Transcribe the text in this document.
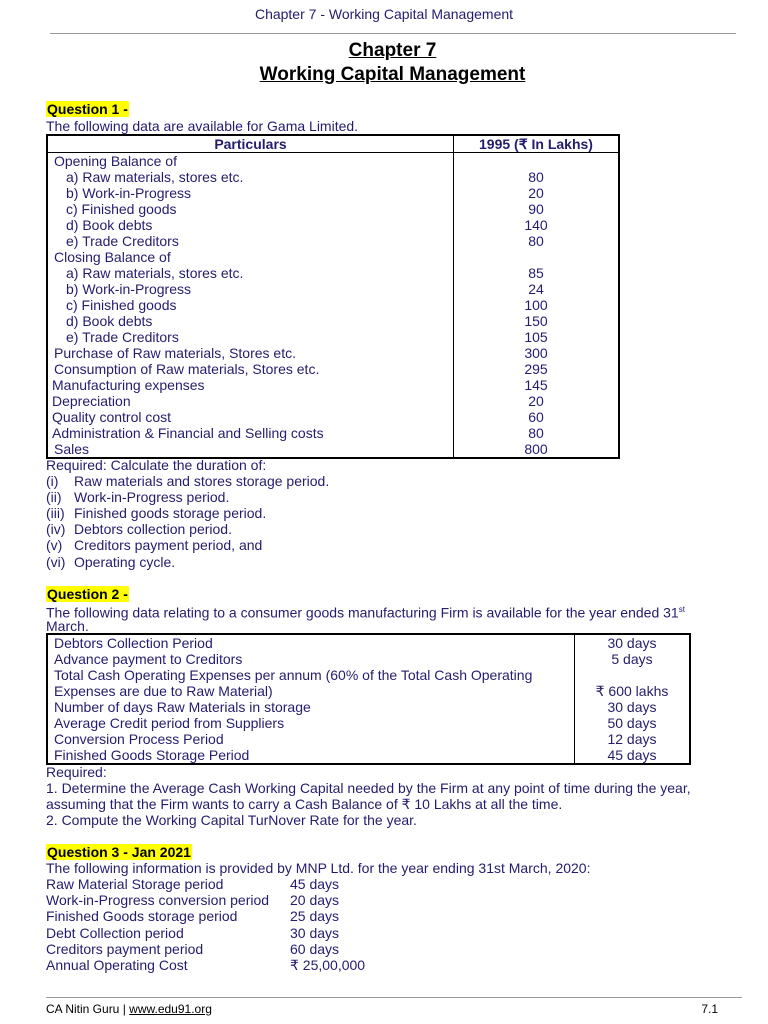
Chapter 7 - Working Capital Management
Chapter 7
Working Capital Management
Question 1 -
The following data are available for Gama Limited.
Particulars	1995 (₹ In Lakhs)
Opening Balance of	
a) Raw materials, stores etc.	80
b) Work-in-Progress	20
c) Finished goods	90
d) Book debts	140
e) Trade Creditors	80
Closing Balance of	
a) Raw materials, stores etc.	85
b) Work-in-Progress	24
c) Finished goods	100
d) Book debts	150
e) Trade Creditors	105
Purchase of Raw materials, Stores etc.	300
Consumption of Raw materials, Stores etc.	295
Manufacturing expenses	145
Depreciation	20
Quality control cost	60
Administration & Financial and Selling costs	80
Sales	800
Required: Calculate the duration of:
(i) Raw materials and stores storage period.
(ii) Work-in-Progress period.
(iii) Finished goods storage period.
(iv) Debtors collection period.
(v) Creditors payment period, and
(vi) Operating cycle.
Question 2 -
The following data relating to a consumer goods manufacturing Firm is available for the year ended 31st
March.
Debtors Collection Period	30 days
Advance payment to Creditors	5 days
Total Cash Operating Expenses per annum (60% of the Total Cash Operating	
Expenses are due to Raw Material)	₹ 600 lakhs
Number of days Raw Materials in storage	30 days
Average Credit period from Suppliers	50 days
Conversion Process Period	12 days
Finished Goods Storage Period	45 days
Required:
1. Determine the Average Cash Working Capital needed by the Firm at any point of time during the year,
assuming that the Firm wants to carry a Cash Balance of ₹ 10 Lakhs at all the time.
2. Compute the Working Capital TurNover Rate for the year.
Question 3 - Jan 2021
The following information is provided by MNP Ltd. for the year ending 31st March, 2020:
Raw Material Storage period	45 days
Work-in-Progress conversion period	20 days
Finished Goods storage period	25 days
Debt Collection period	30 days
Creditors payment period	60 days
Annual Operating Cost	₹ 25,00,000
CA Nitin Guru | www.edu91.org	7.1
